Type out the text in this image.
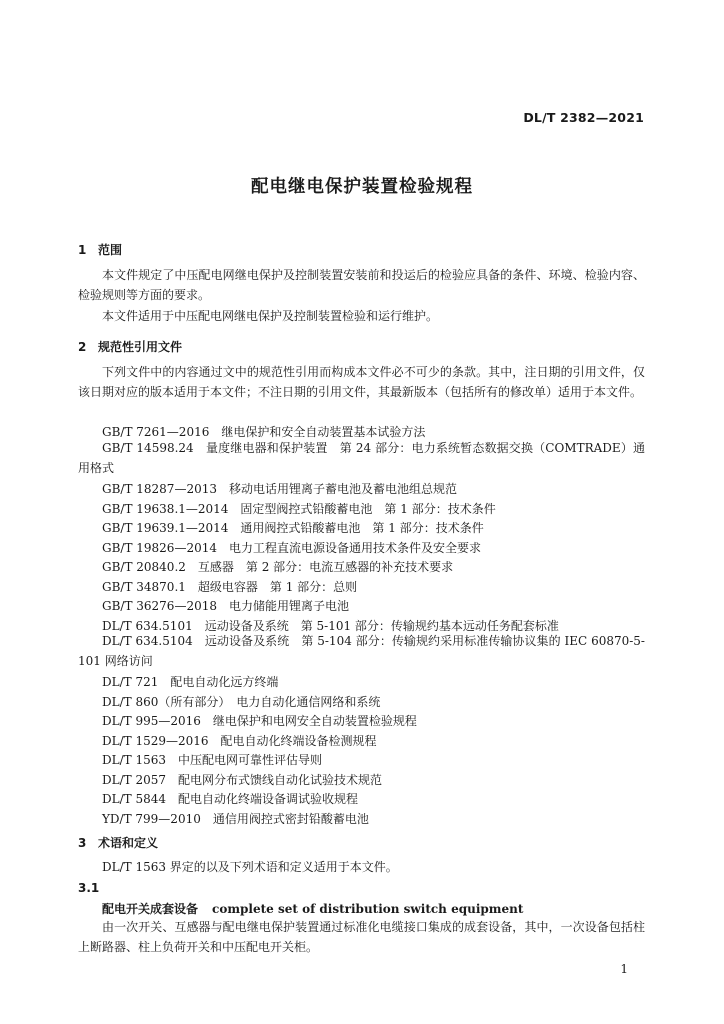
DL/T 2382—2021
配电继电保护装置检验规程
1 范围
本文件规定了中压配电网继电保护及控制装置安装前和投运后的检验应具备的条件、环境、检验内容、检验规则等方面的要求。
本文件适用于中压配电网继电保护及控制装置检验和运行维护。
2 规范性引用文件
下列文件中的内容通过文中的规范性引用而构成本文件必不可少的条款。其中，注日期的引用文件，仅该日期对应的版本适用于本文件；不注日期的引用文件，其最新版本（包括所有的修改单）适用于本文件。
GB/T 7261—2016　继电保护和安全自动装置基本试验方法
GB/T 14598.24　量度继电器和保护装置　第 24 部分：电力系统暂态数据交换（COMTRADE）通用格式
GB/T 18287—2013　移动电话用锂离子蓄电池及蓄电池组总规范
GB/T 19638.1—2014　固定型阀控式铅酸蓄电池　第 1 部分：技术条件
GB/T 19639.1—2014　通用阀控式铅酸蓄电池　第 1 部分：技术条件
GB/T 19826—2014　电力工程直流电源设备通用技术条件及安全要求
GB/T 20840.2　互感器　第 2 部分：电流互感器的补充技术要求
GB/T 34870.1　超级电容器　第 1 部分：总则
GB/T 36276—2018　电力储能用锂离子电池
DL/T 634.5101　远动设备及系统　第 5-101 部分：传输规约基本远动任务配套标准
DL/T 634.5104　远动设备及系统　第 5-104 部分：传输规约采用标准传输协议集的 IEC 60870-5-101 网络访问
DL/T 721　配电自动化远方终端
DL/T 860（所有部分）　电力自动化通信网络和系统
DL/T 995—2016　继电保护和电网安全自动装置检验规程
DL/T 1529—2016　配电自动化终端设备检测规程
DL/T 1563　中压配电网可靠性评估导则
DL/T 2057　配电网分布式馈线自动化试验技术规范
DL/T 5844　配电自动化终端设备调试验收规程
YD/T 799—2010　通信用阀控式密封铅酸蓄电池
3 术语和定义
DL/T 1563 界定的以及下列术语和定义适用于本文件。
3.1
配电开关成套设备 complete set of distribution switch equipment
由一次开关、互感器与配电继电保护装置通过标准化电缆接口集成的成套设备，其中，一次设备包括柱上断路器、柱上负荷开关和中压配电开关柜。
1
